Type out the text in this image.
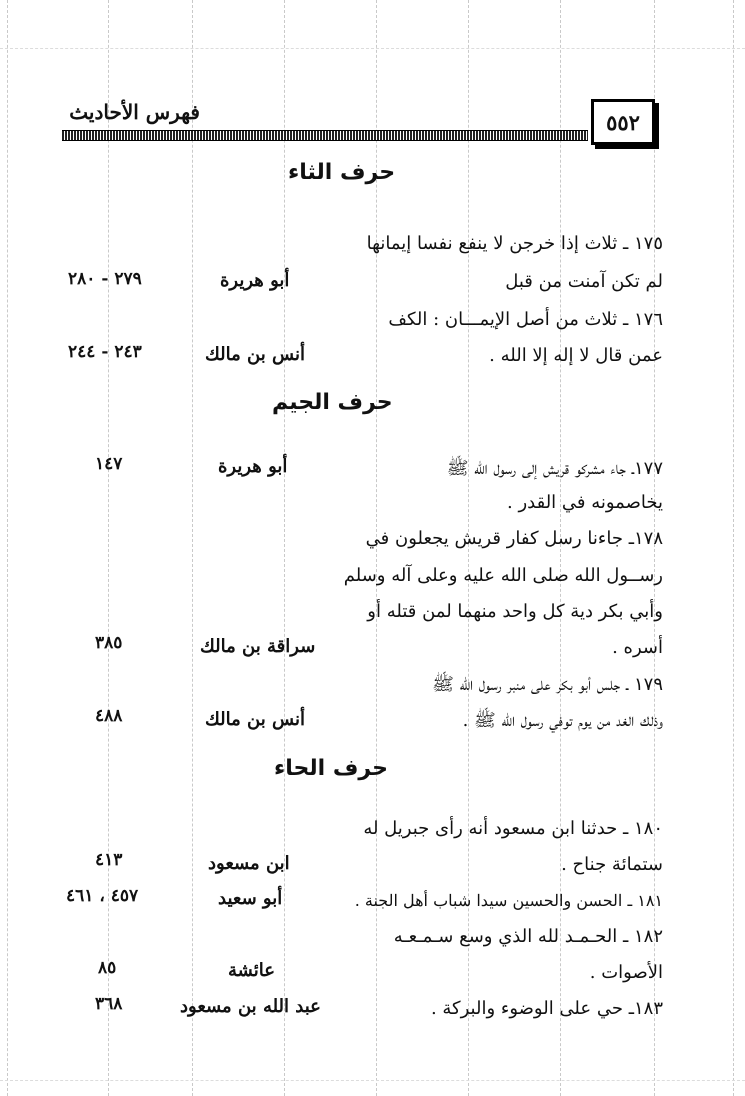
٥٥٢
فهرس الأحاديث
حرف الثاء
١٧٥ ـ ثلاث إذا خرجن لا ينفع نفسا إيمانها
لم تكن آمنت من قبل
أبو هريرة
٢٧٩ - ٢٨٠
١٧٦ ـ ثلاث من أصل الإيمـــان : الكف
عمن قال لا إله إلا الله .
أنس بن مالك
٢٤٣ - ٢٤٤
حرف الجيم
١٧٧ـ جاء مشركو قريش إلى رسول الله ﷺ
أبو هريرة
١٤٧
يخاصمونه في القدر .
١٧٨ـ جاءنا رسل كفار قريش يجعلون في
رســول الله صلى الله عليه وعلى آله وسلم
وأبي بكر دية كل واحد منهما لمن قتله أو
أسره .
سراقة بن مالك
٣٨٥
١٧٩ ـ جلس أبو بكر على منبر رسول الله ﷺ
وذلك الغد من يوم توفي رسول الله ﷺ .
أنس بن مالك
٤٨٨
حرف الحاء
١٨٠ ـ حدثنا ابن مسعود أنه رأى جبريل له
ستمائة جناح .
ابن مسعود
٤١٣
١٨١ ـ الحسن والحسين سيدا شباب أهل الجنة .
أبو سعيد
٤٥٧ ، ٤٦١
١٨٢ ـ الحـمـد لله الذي وسع سـمـعـه
الأصوات .
عائشة
٨٥
١٨٣ـ حي على الوضوء والبركة .
عبد الله بن مسعود
٣٦٨
